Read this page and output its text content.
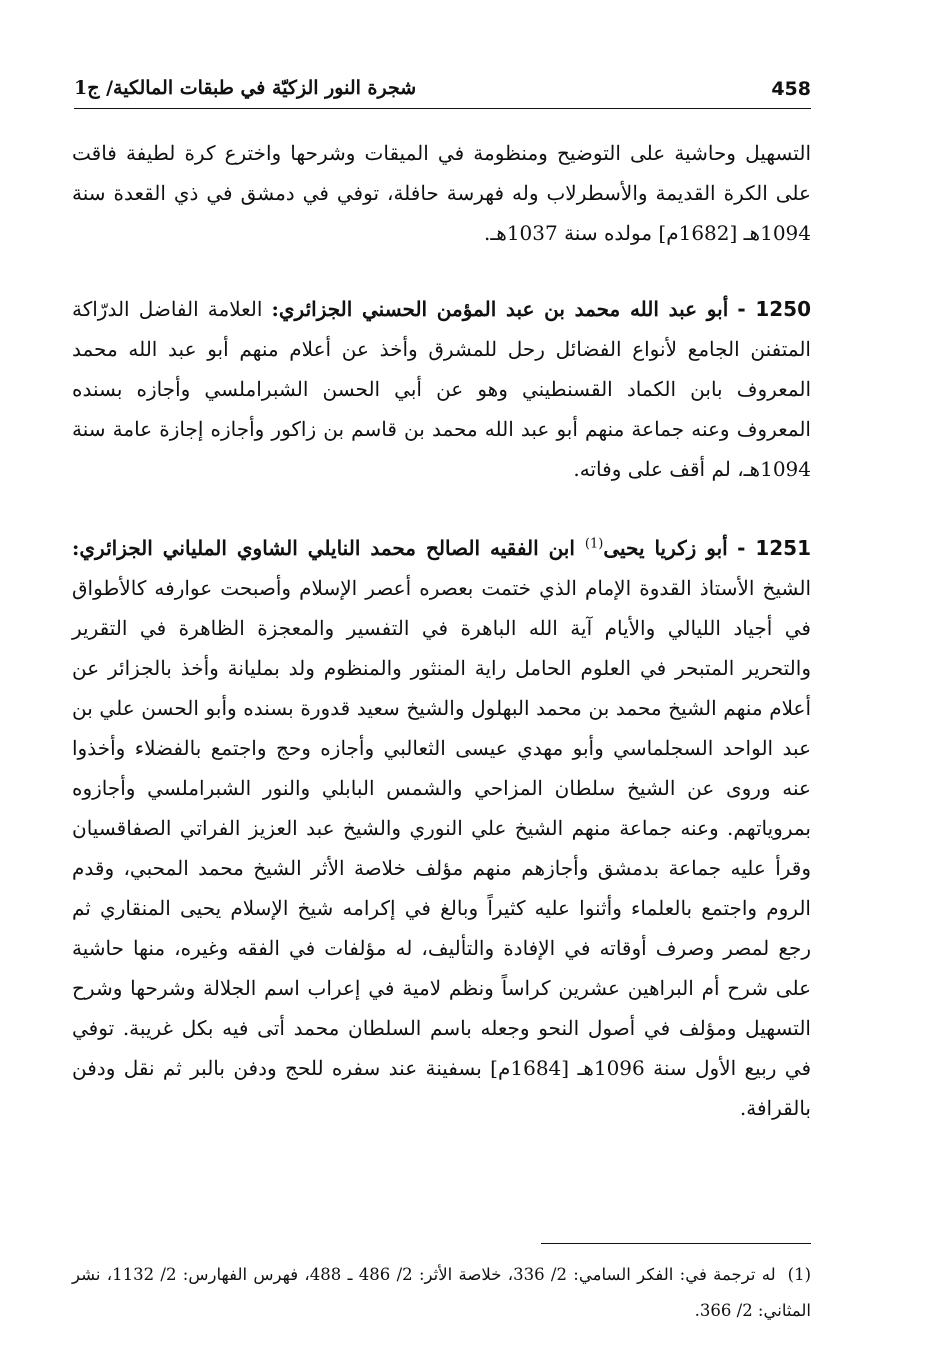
458
شجرة النور الزكيّة في طبقات المالكية/ ج1

التسهيل وحاشية على التوضيح ومنظومة في الميقات وشرحها واخترع كرة لطيفة فاقت على الكرة القديمة والأسطرلاب وله فهرسة حافلة، توفي في دمشق في ذي القعدة سنة 1094هـ [1682م] مولده سنة 1037هـ.

1250 - أبو عبد الله محمد بن عبد المؤمن الحسني الجزائري: العلامة الفاضل الدرّاكة المتفنن الجامع لأنواع الفضائل رحل للمشرق وأخذ عن أعلام منهم أبو عبد الله محمد المعروف بابن الكماد القسنطيني وهو عن أبي الحسن الشبراملسي وأجازه بسنده المعروف وعنه جماعة منهم أبو عبد الله محمد بن قاسم بن زاكور وأجازه إجازة عامة سنة 1094هـ، لم أقف على وفاته.

1251 - أبو زكريا يحيى$^{(1)}$ ابن الفقيه الصالح محمد النايلي الشاوي الملياني الجزائري: الشيخ الأستاذ القدوة الإمام الذي ختمت بعصره أعصر الإسلام وأصبحت عوارفه كالأطواق في أجياد الليالي والأيام آية الله الباهرة في التفسير والمعجزة الظاهرة في التقرير والتحرير المتبحر في العلوم الحامل راية المنثور والمنظوم ولد بمليانة وأخذ بالجزائر عن أعلام منهم الشيخ محمد بن محمد البهلول والشيخ سعيد قدورة بسنده وأبو الحسن علي بن عبد الواحد السجلماسي وأبو مهدي عيسى الثعالبي وأجازه وحج واجتمع بالفضلاء وأخذوا عنه وروى عن الشيخ سلطان المزاحي والشمس البابلي والنور الشبراملسي وأجازوه بمروياتهم. وعنه جماعة منهم الشيخ علي النوري والشيخ عبد العزيز الفراتي الصفاقسيان وقرأ عليه جماعة بدمشق وأجازهم منهم مؤلف خلاصة الأثر الشيخ محمد المحبي، وقدم الروم واجتمع بالعلماء وأثنوا عليه كثيراً وبالغ في إكرامه شيخ الإسلام يحيى المنقاري ثم رجع لمصر وصرف أوقاته في الإفادة والتأليف، له مؤلفات في الفقه وغيره، منها حاشية على شرح أم البراهين عشرين كراساً ونظم لامية في إعراب اسم الجلالة وشرحها وشرح التسهيل ومؤلف في أصول النحو وجعله باسم السلطان محمد أتى فيه بكل غريبة. توفي في ربيع الأول سنة 1096هـ [1684م] بسفينة عند سفره للحج ودفن بالبر ثم نقل ودفن بالقرافة.

(1)له ترجمة في: الفكر السامي: 2/ 336، خلاصة الأثر: 2/ 486 ـ 488، فهرس الفهارس: 2/ 1132، نشر المثاني: 2/ 366.
